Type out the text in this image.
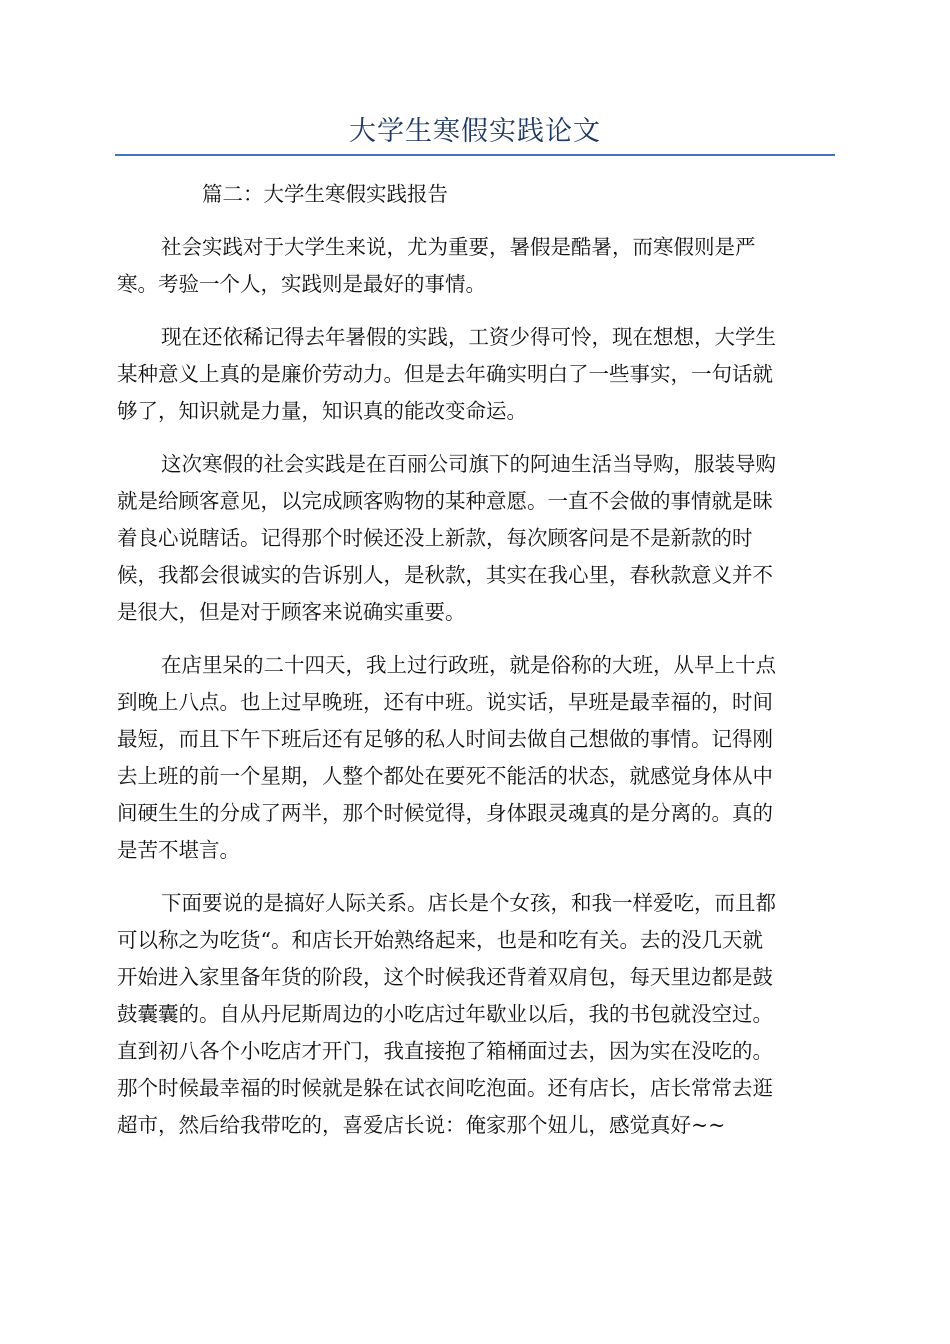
大学生寒假实践论文

篇二：大学生寒假实践报告

社会实践对于大学生来说，尤为重要，暑假是酷暑，而寒假则是严
寒。考验一个人，实践则是最好的事情。

现在还依稀记得去年暑假的实践，工资少得可怜，现在想想，大学生
某种意义上真的是廉价劳动力。但是去年确实明白了一些事实，一句话就
够了，知识就是力量，知识真的能改变命运。

这次寒假的社会实践是在百丽公司旗下的阿迪生活当导购，服装导购
就是给顾客意见，以完成顾客购物的某种意愿。一直不会做的事情就是昧
着良心说瞎话。记得那个时候还没上新款，每次顾客问是不是新款的时
候，我都会很诚实的告诉别人，是秋款，其实在我心里，春秋款意义并不
是很大，但是对于顾客来说确实重要。

在店里呆的二十四天，我上过行政班，就是俗称的大班，从早上十点
到晚上八点。也上过早晚班，还有中班。说实话，早班是最幸福的，时间
最短，而且下午下班后还有足够的私人时间去做自己想做的事情。记得刚
去上班的前一个星期，人整个都处在要死不能活的状态，就感觉身体从中
间硬生生的分成了两半，那个时候觉得，身体跟灵魂真的是分离的。真的
是苦不堪言。

下面要说的是搞好人际关系。店长是个女孩，和我一样爱吃，而且都
可以称之为吃货“。和店长开始熟络起来，也是和吃有关。去的没几天就
开始进入家里备年货的阶段，这个时候我还背着双肩包，每天里边都是鼓
鼓囊囊的。自从丹尼斯周边的小吃店过年歇业以后，我的书包就没空过。
直到初八各个小吃店才开门，我直接抱了箱桶面过去，因为实在没吃的。
那个时候最幸福的时候就是躲在试衣间吃泡面。还有店长，店长常常去逛
超市，然后给我带吃的，喜爱店长说：俺家那个妞儿，感觉真好~~
